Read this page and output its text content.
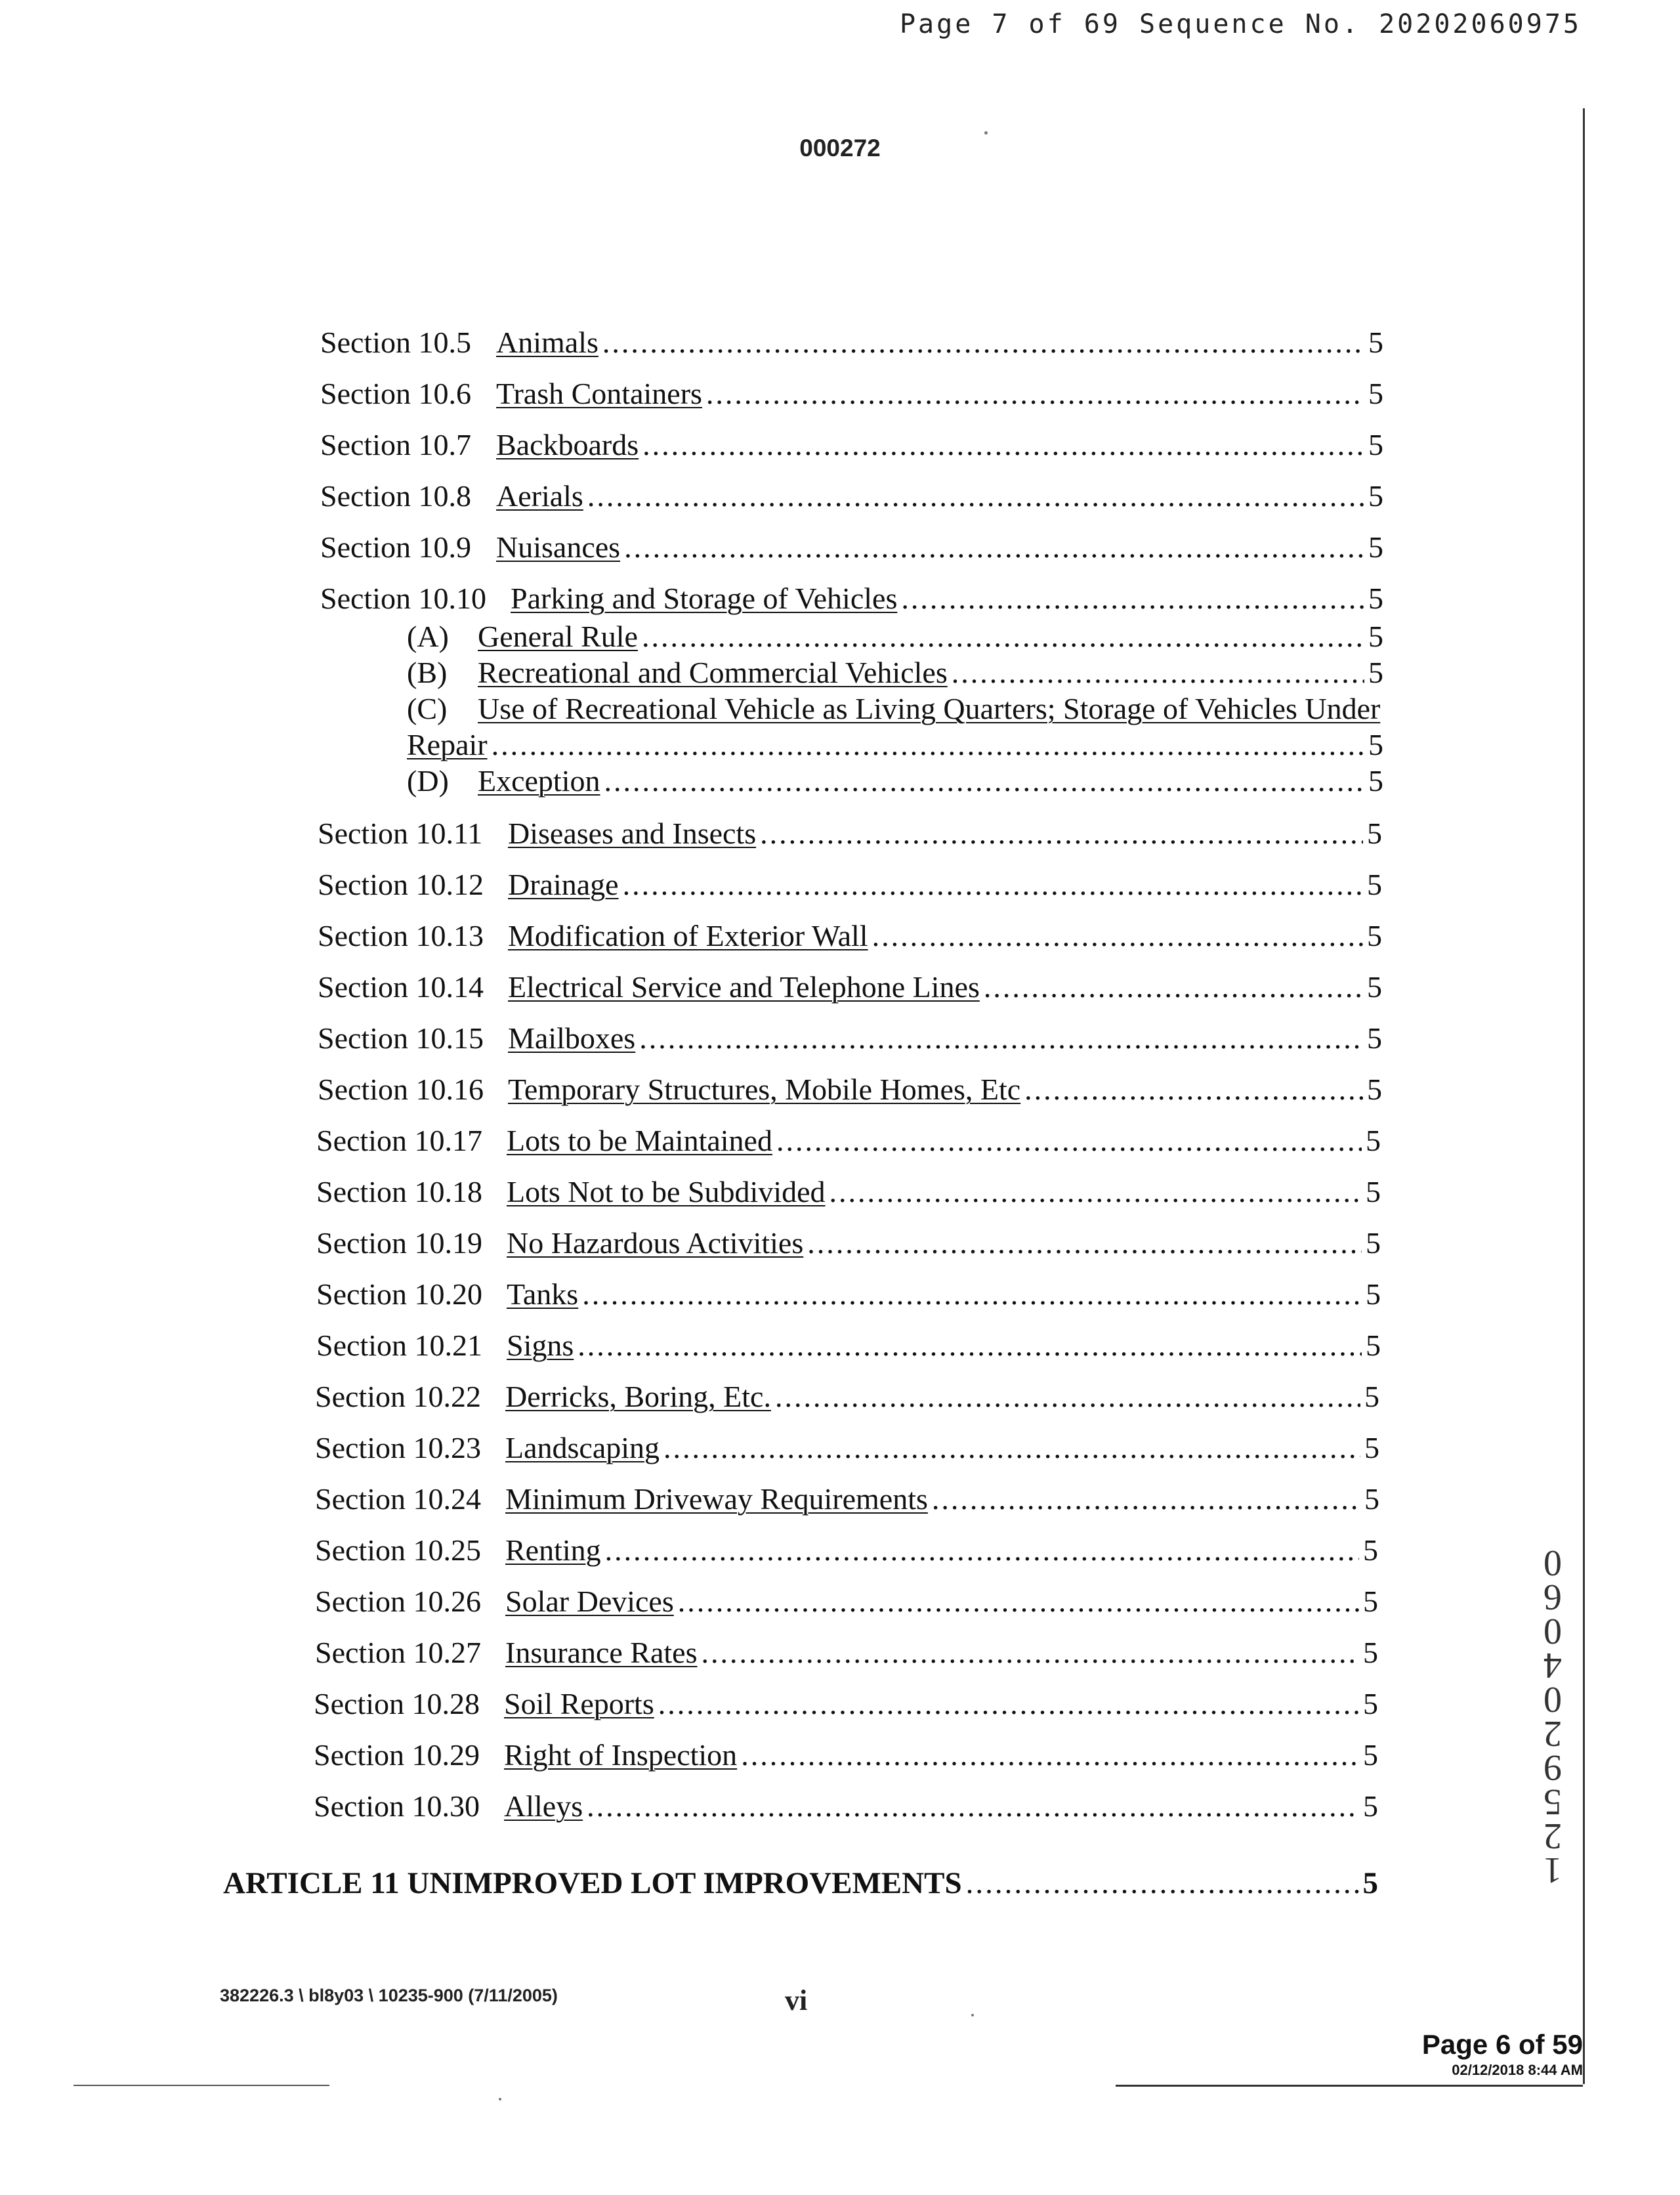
Page 7 of 69 Sequence No. 20202060975
000272
12592 04060
Section 10.5 Animals .....	5
Section 10.6 Trash Containers .....	5
Section 10.7 Backboards .....	5
Section 10.8 Aerials .....	5
Section 10.9 Nuisances .....	5
Section 10.10 Parking and Storage of Vehicles .....	5
(A) General Rule .....	5
(B)	Recreational and Commercial Vehicles .....	5
(C)	Use of Recreational Vehicle as Living Quarters; Storage of Vehicles Under
Repair .....	5
(D) Exception .....	5
Section 10.11 Diseases and Insects .....	5
Section 10.12 Drainage .....	5
Section 10.13 Modification of Exterior Wall .....	5
Section 10.14 Electrical Service and Telephone Lines .....	5
Section 10.15 Mailboxes .....	5
Section 10.16 Temporary Structures, Mobile Homes, Etc .....	5
Section 10.17 Lots to be Maintained .....	5
Section 10.18 Lots Not to be Subdivided .....	5
Section 10.19 No Hazardous Activities .....	5
Section 10.20 Tanks .....	5
Section 10.21 Signs .....	5
Section 10.22 Derricks, Boring, Etc. .....	5
Section 10.23 Landscaping .....	5
Section 10.24 Minimum Driveway Requirements .....	5
Section 10.25 Renting .....	5
Section 10.26 Solar Devices .....	5
Section 10.27 Insurance Rates .....	5
Section 10.28 Soil Reports .....	5
Section 10.29 Right of Inspection .....	5
Section 10.30 Alleys .....	5
ARTICLE 11 UNIMPROVED LOT IMPROVEMENTS .....	5
382226.3 \ bl8y03 \ 10235-900 (7/11/2005)	vi
Page 6 of 59
02/12/2018 8:44 AM
